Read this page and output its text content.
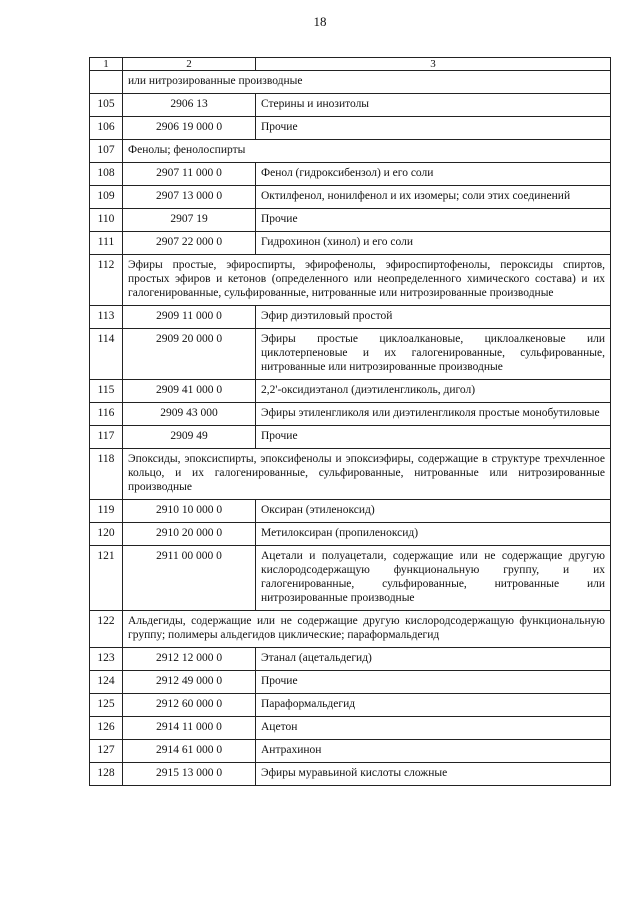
18
1	2	3
	или нитрозированные производные	
105	2906 13	Стерины и инозитолы
106	2906 19 000 0	Прочие
107	Фенолы; фенолоспирты	
108	2907 11 000 0	Фенол (гидроксибензол) и его соли
109	2907 13 000 0	Октилфенол, нонилфенол и их изомеры; соли этих соединений
110	2907 19	Прочие
111	2907 22 000 0	Гидрохинон (хинол) и его соли
112	Эфиры простые, эфироспирты, эфирофенолы, эфироспиртофенолы, пероксиды спиртов, простых эфиров и кетонов (определенного или неопределенного химического состава) и их галогенированные, сульфированные, нитрованные или нитрозированные производные	
113	2909 11 000 0	Эфир диэтиловый простой
114	2909 20 000 0	Эфиры простые циклоалкановые, циклоалкеновые или циклотерпеновые и их галогенированные, сульфированные, нитрованные или нитрозированные производные
115	2909 41 000 0	2,2'-оксидиэтанол (диэтиленгликоль, дигол)
116	2909 43 000	Эфиры этиленгликоля или диэтиленгликоля простые монобутиловые
117	2909 49	Прочие
118	Эпоксиды, эпоксиспирты, эпоксифенолы и эпоксиэфиры, содержащие в структуре трехчленное кольцо, и их галогенированные, сульфированные, нитрованные или нитрозированные производные	
119	2910 10 000 0	Оксиран (этиленоксид)
120	2910 20 000 0	Метилоксиран (пропиленоксид)
121	2911 00 000 0	Ацетали и полуацетали, содержащие или не содержащие другую кислородсодержащую функциональную группу, и их галогенированные, сульфированные, нитрованные или нитрозированные производные
122	Альдегиды, содержащие или не содержащие другую кислородсодержащую функциональную группу; полимеры альдегидов циклические; параформальдегид	
123	2912 12 000 0	Этанал (ацетальдегид)
124	2912 49 000 0	Прочие
125	2912 60 000 0	Параформальдегид
126	2914 11 000 0	Ацетон
127	2914 61 000 0	Антрахинон
128	2915 13 000 0	Эфиры муравьиной кислоты сложные
